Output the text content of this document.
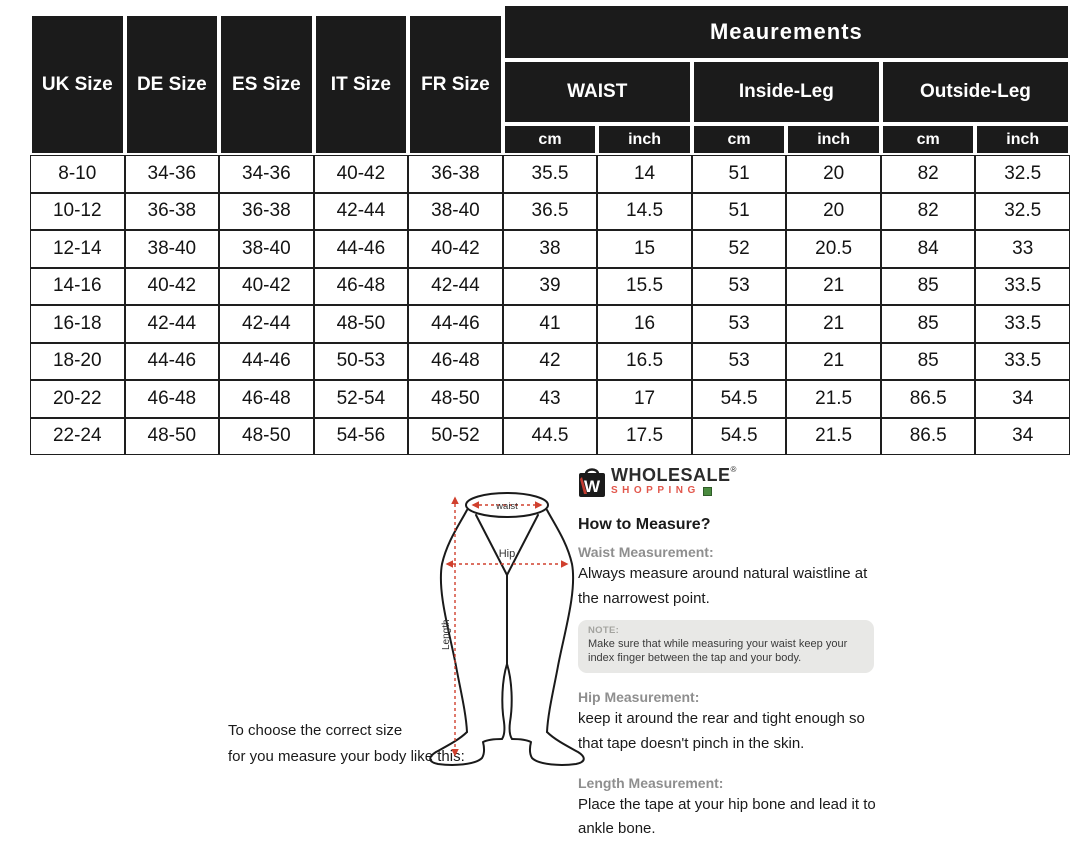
UK Size	DE Size	ES Size	IT Size	FR Size
Meaurements
WAIST	Inside-Leg	Outside-Leg
cm	inch	cm	inch	cm	inch
8-10	34-36	34-36	40-42	36-38	35.5	14	51	20	82	32.5
10-12	36-38	36-38	42-44	38-40	36.5	14.5	51	20	82	32.5
12-14	38-40	38-40	44-46	40-42	38	15	52	20.5	84	33
14-16	40-42	40-42	46-48	42-44	39	15.5	53	21	85	33.5
16-18	42-44	42-44	48-50	44-46	41	16	53	21	85	33.5
18-20	44-46	44-46	50-53	46-48	42	16.5	53	21	85	33.5
20-22	46-48	46-48	52-54	48-50	43	17	54.5	21.5	86.5	34
22-24	48-50	48-50	54-56	50-52	44.5	17.5	54.5	21.5	86.5	34
To choose the correct size
for you measure your body like this:
waist
Hip
Length
W
WHOLESALE®
SHOPPING
How to Measure?
Waist Measurement:
Always measure around natural waistline at the narrowest point.
NOTE:
Make sure that while measuring your waist keep your index finger between the tap and your body.
Hip Measurement:
keep it around the rear and tight enough so that tape doesn't pinch in the skin.
Length Measurement:
Place the tape at your hip bone and lead it to ankle bone.
